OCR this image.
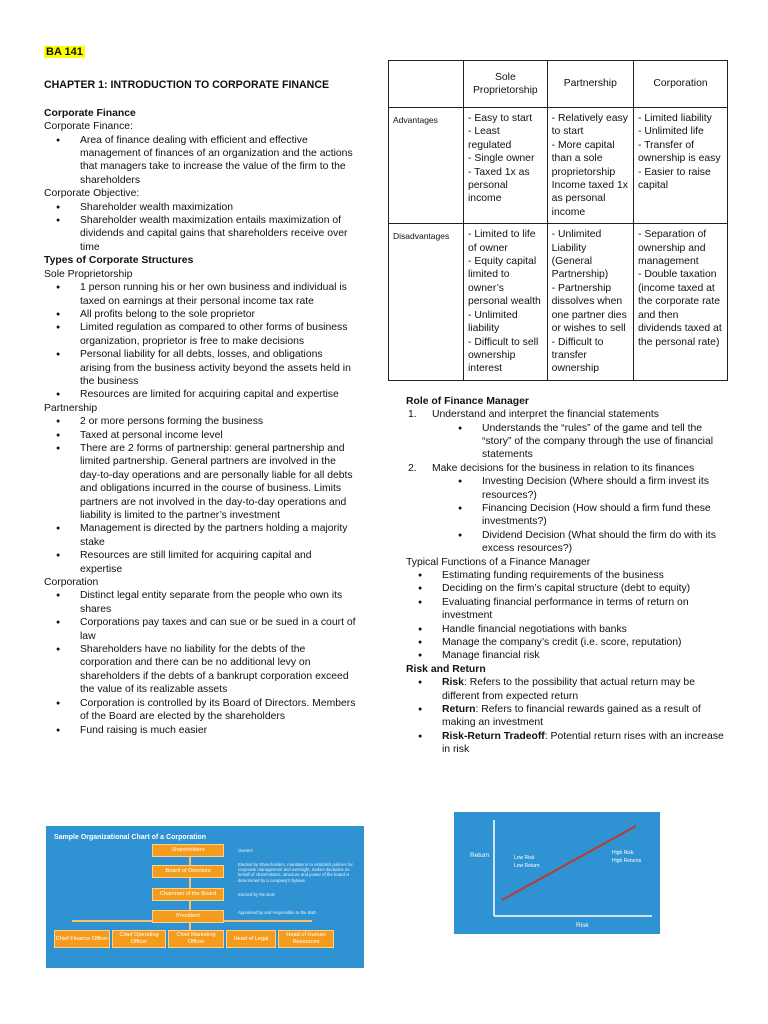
BA 141
CHAPTER 1: INTRODUCTION TO CORPORATE FINANCE
Corporate Finance
Corporate Finance:
● Area of finance dealing with efficient and effective management of finances of an organization and the actions that managers take to increase the value of the firm to the shareholders
Corporate Objective:
● Shareholder wealth maximization
● Shareholder wealth maximization entails maximization of dividends and capital gains that shareholders receive over time
Types of Corporate Structures
Sole Proprietorship
● 1 person running his or her own business and individual is taxed on earnings at their personal income tax rate
● All profits belong to the sole proprietor
● Limited regulation as compared to other forms of business organization, proprietor is free to make decisions
● Personal liability for all debts, losses, and obligations arising from the business activity beyond the assets held in the business
● Resources are limited for acquiring capital and expertise
Partnership
● 2 or more persons forming the business
● Taxed at personal income level
● There are 2 forms of partnership: general partnership and limited partnership. General partners are involved in the day-to-day operations and are personally liable for all debts and obligations incurred in the course of business. Limits partners are not involved in the day-to-day operations and liability is limited to the partner’s investment
● Management is directed by the partners holding a majority stake
● Resources are still limited for acquiring capital and expertise
Corporation
● Distinct legal entity separate from the people who own its shares
● Corporations pay taxes and can sue or be sued in a court of law
● Shareholders have no liability for the debts of the corporation and there can be no additional levy on shareholders if the debts of a bankrupt corporation exceed the value of its realizable assets
● Corporation is controlled by its Board of Directors. Members of the Board are elected by the shareholders
● Fund raising is much easier
Sample Organizational Chart of a Corporation
Shareholders	Owners
Board of Directors
Elected by Shareholders, mandate is to establish policies for corporate management and oversight, makes decisions on behalf of shareholders, structure and power of the board is determined by a company's bylaws.
Chairman of the Board	Elected by the BoD
President
Appointed by and responsible to the BoD
Chief Finance Officer
Chief Operating Officer
Chief Marketing Officer
Head of Legal
Head of Human Resources
	Sole Proprietorship	Partnership	Corporation
Advantages	- Easy to start
- Least regulated
- Single owner
- Taxed 1x as personal income	- Relatively easy to start
- More capital than a sole proprietorship
Income taxed 1x as personal income	- Limited liability
- Unlimited life
- Transfer of ownership is easy
- Easier to raise capital
Disadvantages	- Limited to life of owner
- Equity capital limited to owner’s personal wealth
- Unlimited liability
- Difficult to sell ownership interest	- Unlimited Liability (General Partnership)
- Partnership dissolves when one partner dies or wishes to sell
- Difficult to transfer ownership	- Separation of ownership and management
- Double taxation (income taxed at the corporate rate and then dividends taxed at the personal rate)
Role of Finance Manager
1. Understand and interpret the financial statements
● Understands the “rules” of the game and tell the “story” of the company through the use of financial statements
2. Make decisions for the business in relation to its finances
● Investing Decision (Where should a firm invest its resources?)
● Financing Decision (How should a firm fund these investments?)
● Dividend Decision (What should the firm do with its excess resources?)
Typical Functions of a Finance Manager
● Estimating funding requirements of the business
● Deciding on the firm’s capital structure (debt to equity)
● Evaluating financial performance in terms of return on investment
● Handle financial negotiations with banks
● Manage the company’s credit (i.e. score, reputation)
● Manage financial risk
Risk and Return
● Risk: Refers to the possibility that actual return may be different from expected return
● Return: Refers to financial rewards gained as a result of making an investment
● Risk-Return Tradeoff: Potential return rises with an increase in risk
Return
Risk
Low Risk
Low Return
High Risk
High Returns
